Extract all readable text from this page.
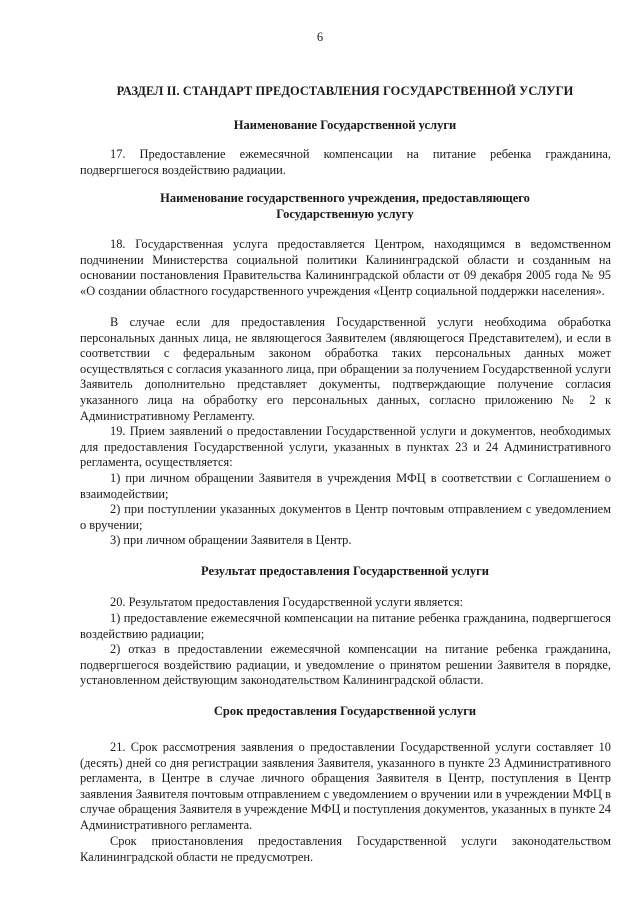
6
РАЗДЕЛ II. СТАНДАРТ ПРЕДОСТАВЛЕНИЯ ГОСУДАРСТВЕННОЙ УСЛУГИ
Наименование Государственной услуги
17. Предоставление ежемесячной компенсации на питание ребенка гражданина, подвергшегося воздействию радиации.
Наименование государственного учреждения, предоставляющего Государственную услугу
18. Государственная услуга предоставляется Центром, находящимся в ведомственном подчинении Министерства социальной политики Калининградской области и созданным на основании постановления Правительства Калининградской области от 09 декабря 2005 года № 95 «О создании областного государственного учреждения «Центр социальной поддержки населения».
В случае если для предоставления Государственной услуги необходима обработка персональных данных лица, не являющегося Заявителем (являющегося Представителем), и если в соответствии с федеральным законом обработка таких персональных данных может осуществляться с согласия указанного лица, при обращении за получением Государственной услуги Заявитель дополнительно представляет документы, подтверждающие получение согласия указанного лица на обработку его персональных данных, согласно приложению № 2 к Административному Регламенту.
19. Прием заявлений о предоставлении Государственной услуги и документов, необходимых для предоставления Государственной услуги, указанных в пунктах 23 и 24 Административного регламента, осуществляется:
1) при личном обращении Заявителя в учреждения МФЦ в соответствии с Соглашением о взаимодействии;
2) при поступлении указанных документов в Центр почтовым отправлением с уведомлением о вручении;
3) при личном обращении Заявителя в Центр.
Результат предоставления Государственной услуги
20. Результатом предоставления Государственной услуги является:
1) предоставление ежемесячной компенсации на питание ребенка гражданина, подвергшегося воздействию радиации;
2) отказ в предоставлении ежемесячной компенсации на питание ребенка гражданина, подвергшегося воздействию радиации, и уведомление о принятом решении Заявителя в порядке, установленном действующим законодательством Калининградской области.
Срок предоставления Государственной услуги
21. Срок рассмотрения заявления о предоставлении Государственной услуги составляет 10 (десять) дней со дня регистрации заявления Заявителя, указанного в пункте 23 Административного регламента, в Центре в случае личного обращения Заявителя в Центр, поступления в Центр заявления Заявителя почтовым отправлением с уведомлением о вручении или в учреждении МФЦ в случае обращения Заявителя в учреждение МФЦ и поступления документов, указанных в пункте 24 Административного регламента.
Срок приостановления предоставления Государственной услуги законодательством Калининградской области не предусмотрен.
